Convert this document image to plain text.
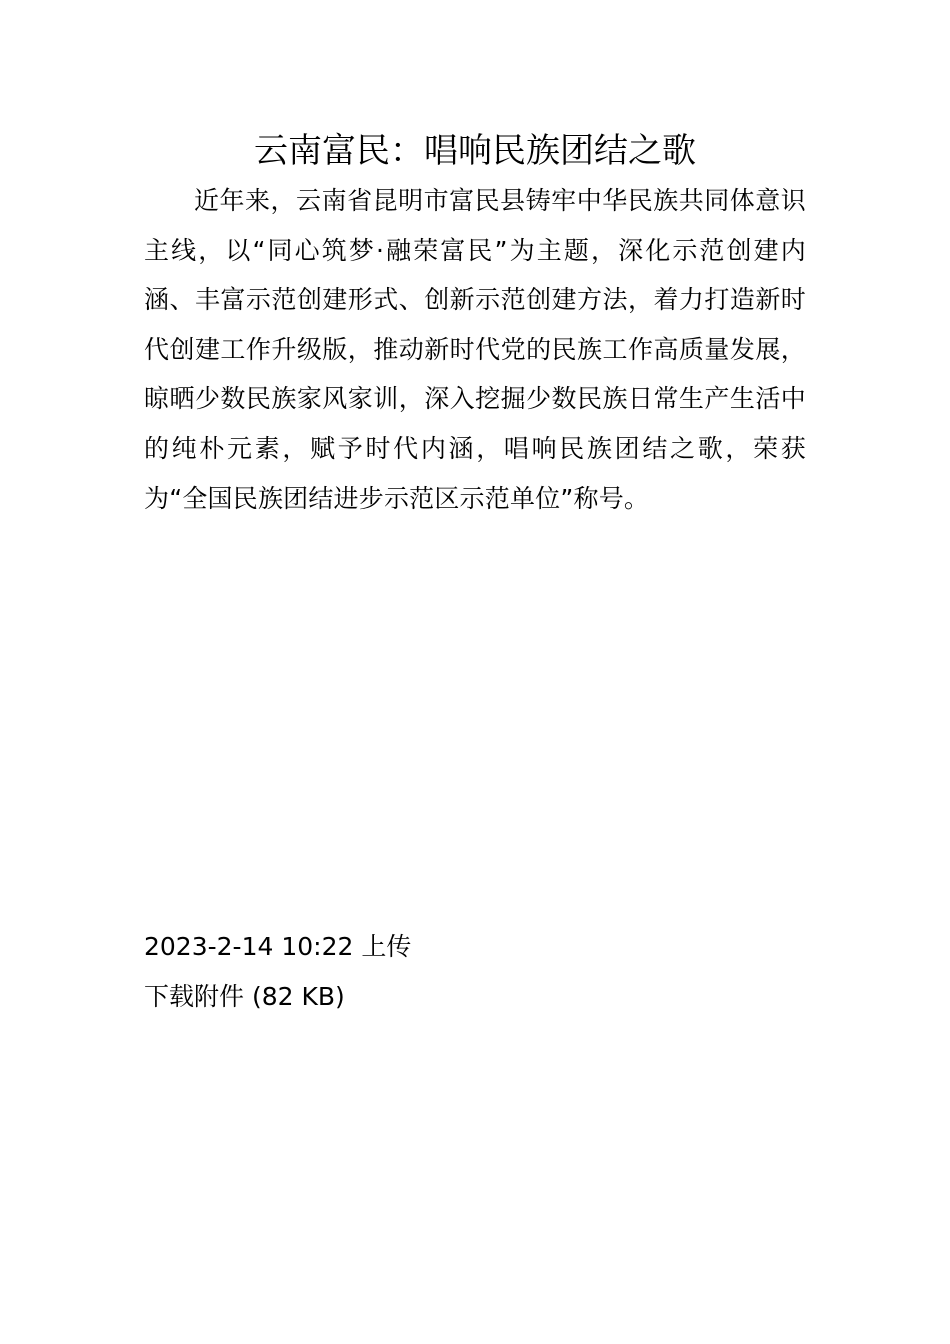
云南富民：唱响民族团结之歌

近年来，云南省昆明市富民县铸牢中华民族共同体意识主线，以“同心筑梦·融荣富民”为主题，深化示范创建内涵、丰富示范创建形式、创新示范创建方法，着力打造新时代创建工作升级版，推动新时代党的民族工作高质量发展，晾晒少数民族家风家训，深入挖掘少数民族日常生产生活中的纯朴元素，赋予时代内涵，唱响民族团结之歌，荣获为“全国民族团结进步示范区示范单位”称号。

2023-2-14 10:22 上传
下载附件 (82 KB)
